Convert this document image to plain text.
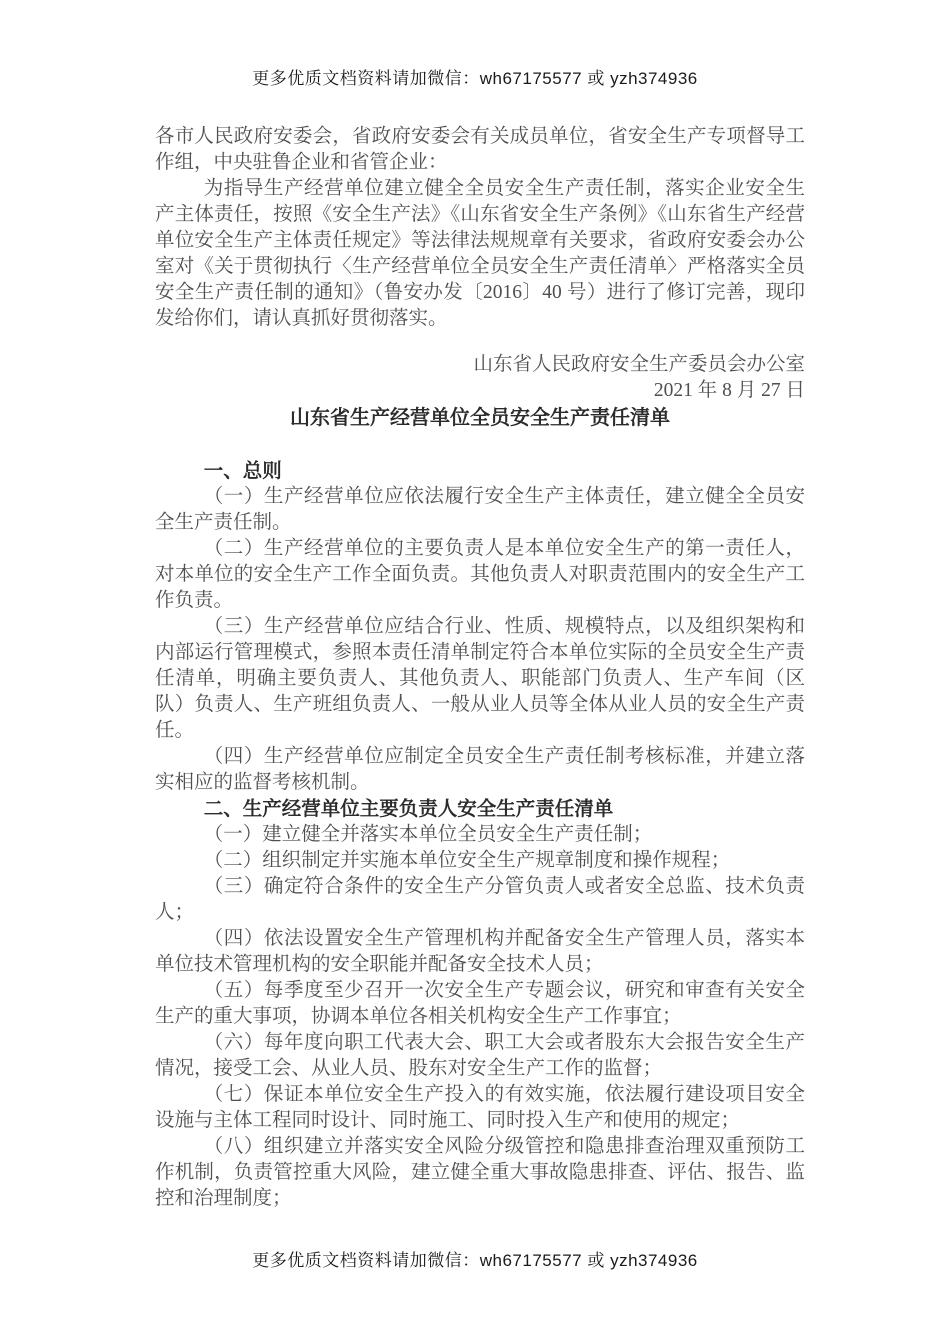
更多优质文档资料请加微信：wh67175577 或 yzh374936

各市人民政府安委会，省政府安委会有关成员单位，省安全生产专项督导工作组，中央驻鲁企业和省管企业：

为指导生产经营单位建立健全全员安全生产责任制，落实企业安全生产主体责任，按照《安全生产法》《山东省安全生产条例》《山东省生产经营单位安全生产主体责任规定》等法律法规规章有关要求，省政府安委会办公室对《关于贯彻执行〈生产经营单位全员安全生产责任清单〉严格落实全员安全生产责任制的通知》（鲁安办发〔2016〕40 号）进行了修订完善，现印发给你们，请认真抓好贯彻落实。

山东省人民政府安全生产委员会办公室

2021 年 8 月 27 日

山东省生产经营单位全员安全生产责任清单

一、总则

（一）生产经营单位应依法履行安全生产主体责任，建立健全全员安全生产责任制。

（二）生产经营单位的主要负责人是本单位安全生产的第一责任人，对本单位的安全生产工作全面负责。其他负责人对职责范围内的安全生产工作负责。

（三）生产经营单位应结合行业、性质、规模特点，以及组织架构和内部运行管理模式，参照本责任清单制定符合本单位实际的全员安全生产责任清单，明确主要负责人、其他负责人、职能部门负责人、生产车间（区队）负责人、生产班组负责人、一般从业人员等全体从业人员的安全生产责任。

（四）生产经营单位应制定全员安全生产责任制考核标准，并建立落实相应的监督考核机制。

二、生产经营单位主要负责人安全生产责任清单

（一）建立健全并落实本单位全员安全生产责任制；

（二）组织制定并实施本单位安全生产规章制度和操作规程；

（三）确定符合条件的安全生产分管负责人或者安全总监、技术负责人；

（四）依法设置安全生产管理机构并配备安全生产管理人员，落实本单位技术管理机构的安全职能并配备安全技术人员；

（五）每季度至少召开一次安全生产专题会议，研究和审查有关安全生产的重大事项，协调本单位各相关机构安全生产工作事宜；

（六）每年度向职工代表大会、职工大会或者股东大会报告安全生产情况，接受工会、从业人员、股东对安全生产工作的监督；

（七）保证本单位安全生产投入的有效实施，依法履行建设项目安全设施与主体工程同时设计、同时施工、同时投入生产和使用的规定；

（八）组织建立并落实安全风险分级管控和隐患排查治理双重预防工作机制，负责管控重大风险，建立健全重大事故隐患排查、评估、报告、监控和治理制度；

更多优质文档资料请加微信：wh67175577 或 yzh374936
